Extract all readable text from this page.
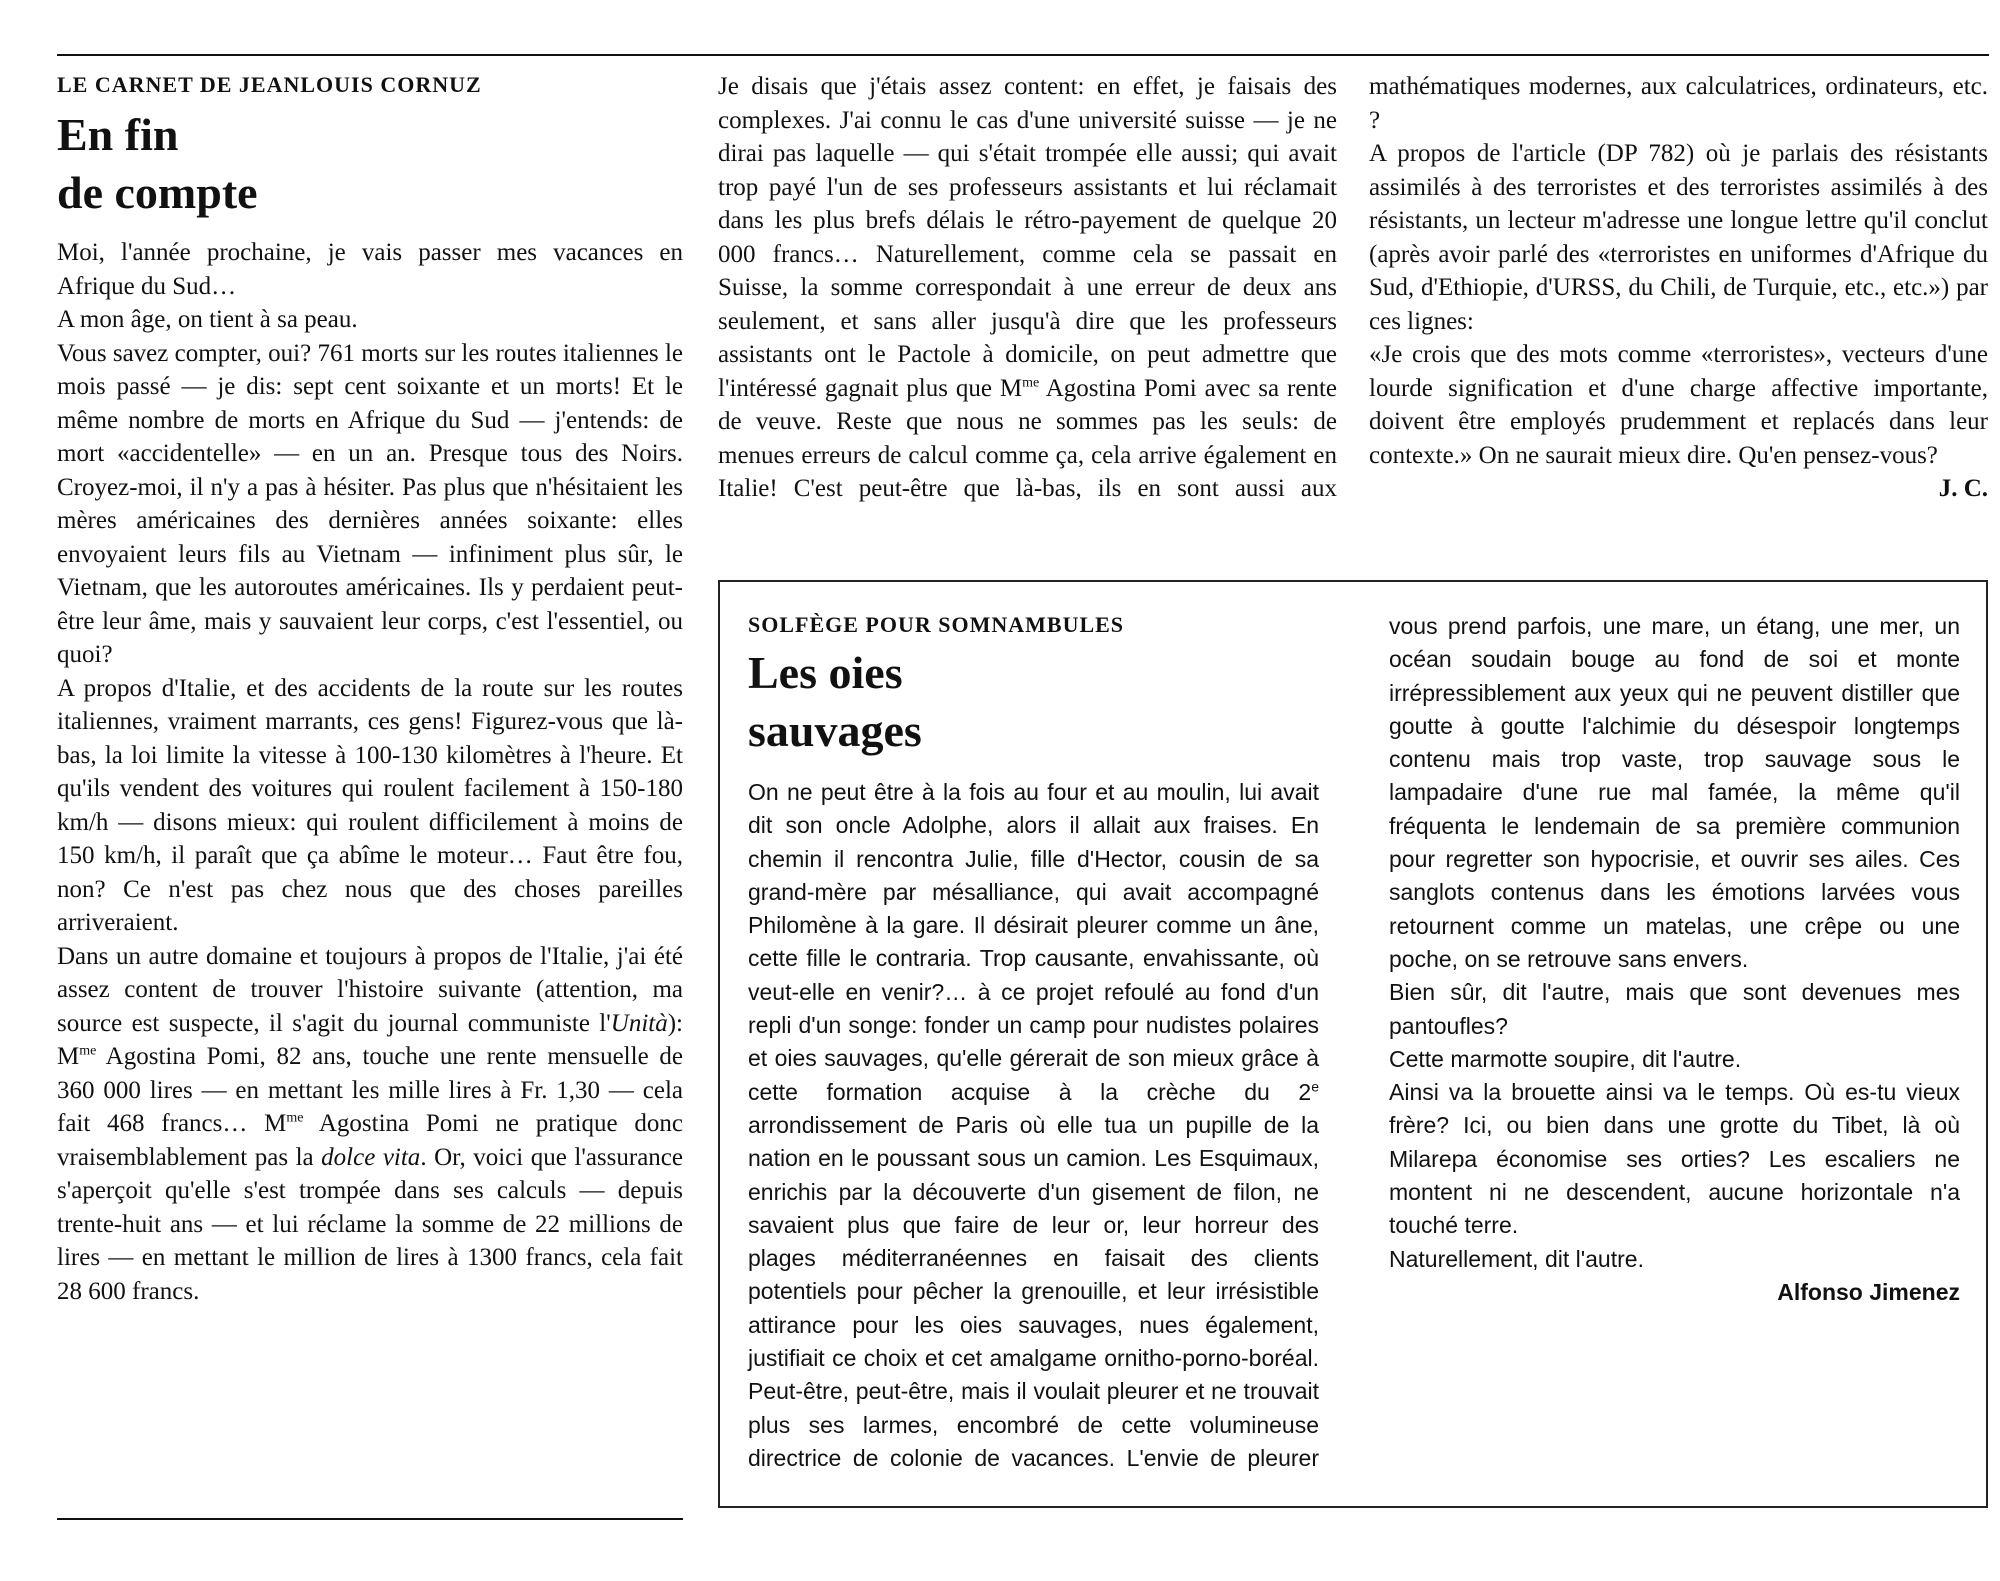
LE CARNET DE JEANLOUIS CORNUZ

En fin
de compte

Moi, l'année prochaine, je vais passer mes vacances en Afrique du Sud…

A mon âge, on tient à sa peau.

Vous savez compter, oui? 761 morts sur les routes italiennes le mois passé — je dis: sept cent soixante et un morts! Et le même nombre de morts en Afrique du Sud — j'entends: de mort «accidentelle» — en un an. Presque tous des Noirs. Croyez-moi, il n'y a pas à hésiter. Pas plus que n'hésitaient les mères américaines des dernières années soixante: elles envoyaient leurs fils au Vietnam — infiniment plus sûr, le Vietnam, que les autoroutes américaines. Ils y perdaient peut-être leur âme, mais y sauvaient leur corps, c'est l'essentiel, ou quoi?

A propos d'Italie, et des accidents de la route sur les routes italiennes, vraiment marrants, ces gens! Figurez-vous que là-bas, la loi limite la vitesse à 100-130 kilomètres à l'heure. Et qu'ils vendent des voitures qui roulent facilement à 150-180 km/h — disons mieux: qui roulent difficilement à moins de 150 km/h, il paraît que ça abîme le moteur… Faut être fou, non? Ce n'est pas chez nous que des choses pareilles arriveraient.

Dans un autre domaine et toujours à propos de l'Italie, j'ai été assez content de trouver l'histoire suivante (attention, ma source est suspecte, il s'agit du journal communiste l'Unità): $M^{me}$ Agostina Pomi, 82 ans, touche une rente mensuelle de 360 000 lires — en mettant les mille lires à Fr. 1,30 — cela fait 468 francs… $M^{me}$ Agostina Pomi ne pratique donc vraisemblablement pas la dolce vita. Or, voici que l'assurance s'aperçoit qu'elle s'est trompée dans ses calculs — depuis trente-huit ans — et lui réclame la somme de 22 millions de lires — en mettant le million de lires à 1300 francs, cela fait 28 600 francs.

Je disais que j'étais assez content: en effet, je faisais des complexes. J'ai connu le cas d'une université suisse — je ne dirai pas laquelle — qui s'était trompée elle aussi; qui avait trop payé l'un de ses professeurs assistants et lui réclamait dans les plus brefs délais le rétro-payement de quelque 20 000 francs… Naturellement, comme cela se passait en Suisse, la somme correspondait à une erreur de deux ans seulement, et sans aller jusqu'à dire que les professeurs assistants ont le Pactole à domicile, on peut admettre que l'intéressé gagnait plus que $M^{me}$ Agostina Pomi avec sa rente de veuve. Reste que nous ne sommes pas les seuls: de menues erreurs de calcul comme ça, cela arrive également en Italie! C'est peut-être que là-bas, ils en sont aussi aux mathématiques modernes, aux calculatrices, ordinateurs, etc. ?

A propos de l'article (DP 782) où je parlais des résistants assimilés à des terroristes et des terroristes assimilés à des résistants, un lecteur m'adresse une longue lettre qu'il conclut (après avoir parlé des «terroristes en uniformes d'Afrique du Sud, d'Ethiopie, d'URSS, du Chili, de Turquie, etc., etc.») par ces lignes:

«Je crois que des mots comme «terroristes», vecteurs d'une lourde signification et d'une charge affective importante, doivent être employés prudemment et replacés dans leur contexte.» On ne saurait mieux dire. Qu'en pensez-vous?

J. C.

SOLFÈGE POUR SOMNAMBULES

Les oies
sauvages

On ne peut être à la fois au four et au moulin, lui avait dit son oncle Adolphe, alors il allait aux fraises. En chemin il rencontra Julie, fille d'Hector, cousin de sa grand-mère par mésalliance, qui avait accompagné Philomène à la gare. Il désirait pleurer comme un âne, cette fille le contraria. Trop causante, envahissante, où veut-elle en venir?… à ce projet refoulé au fond d'un repli d'un songe: fonder un camp pour nudistes polaires et oies sauvages, qu'elle gérerait de son mieux grâce à cette formation acquise à la crèche du 2e arrondissement de Paris où elle tua un pupille de la nation en le poussant sous un camion. Les Esquimaux, enrichis par la découverte d'un gisement de filon, ne savaient plus que faire de leur or, leur horreur des plages méditerranéennes en faisait des clients potentiels pour pêcher la grenouille, et leur irrésistible attirance pour les oies sauvages, nues également, justifiait ce choix et cet amalgame ornitho-porno-boréal. Peut-être, peut-être, mais il voulait pleurer et ne trouvait plus ses larmes, encombré de cette volumineuse directrice de colonie de vacances. L'envie de pleurer vous prend parfois, une mare, un étang, une mer, un océan soudain bouge au fond de soi et monte irrépressiblement aux yeux qui ne peuvent distiller que goutte à goutte l'alchimie du désespoir longtemps contenu mais trop vaste, trop sauvage sous le lampadaire d'une rue mal famée, la même qu'il fréquenta le lendemain de sa première communion pour regretter son hypocrisie, et ouvrir ses ailes. Ces sanglots contenus dans les émotions larvées vous retournent comme un matelas, une crêpe ou une poche, on se retrouve sans envers.

Bien sûr, dit l'autre, mais que sont devenues mes pantoufles?

Cette marmotte soupire, dit l'autre.

Ainsi va la brouette ainsi va le temps. Où es-tu vieux frère? Ici, ou bien dans une grotte du Tibet, là où Milarepa économise ses orties? Les escaliers ne montent ni ne descendent, aucune horizontale n'a touché terre.

Naturellement, dit l'autre.

Alfonso Jimenez
